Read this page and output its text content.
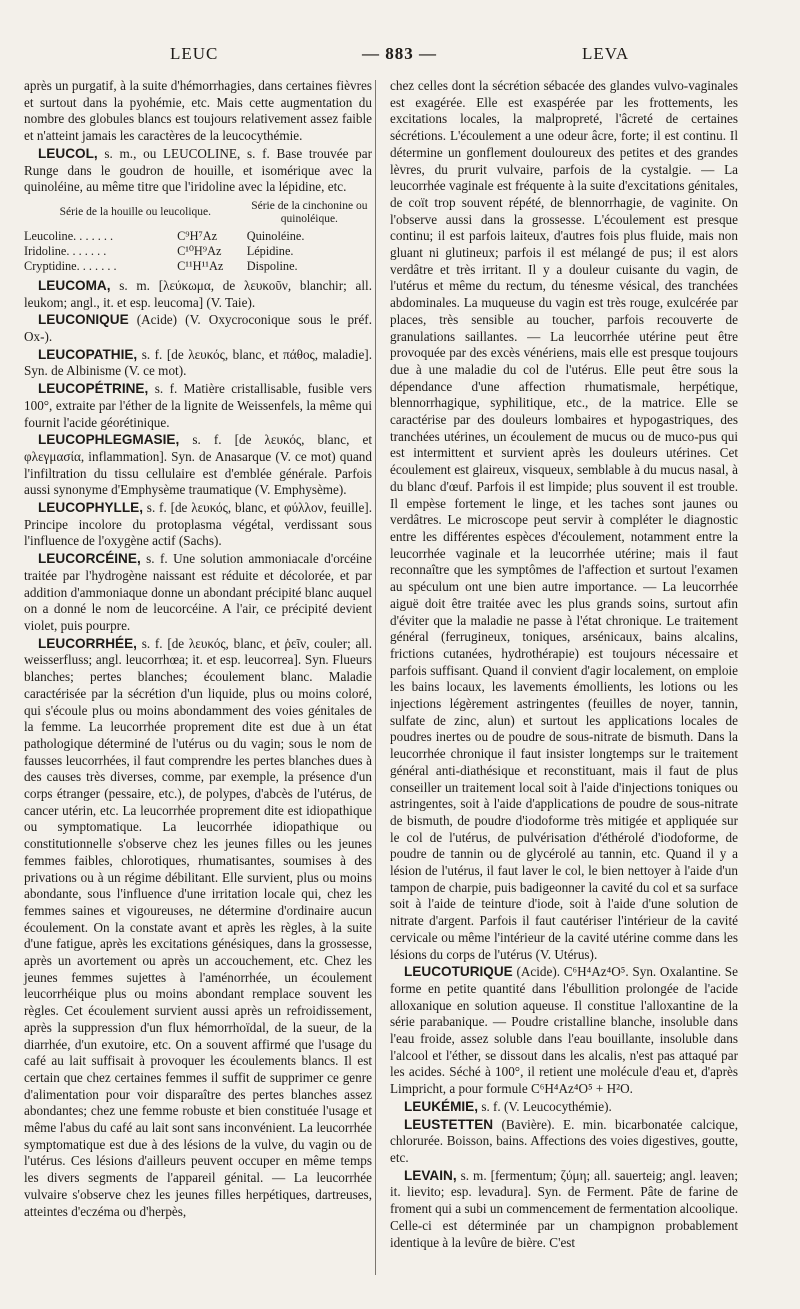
LEUC	— 883 —	LEVA

après un purgatif, à la suite d'hémorrhagies, dans certaines fièvres et surtout dans la pyohémie, etc. Mais cette augmentation du nombre des globules blancs est toujours relativement assez faible et n'atteint jamais les caractères de la leucocythémie.

LEUCOL, s. m., ou LEUCOLINE, s. f. Base trouvée par Runge dans le goudron de houille, et isomérique avec la quinoléine, au même titre que l'iridoline avec la lépidine, etc.

Série de la houille ou leucolique.		Série de la cinchonine ou quinoléique.
Leucoline. . . . . . .	C⁹H⁷Az	Quinoléine.
Iridoline. . . . . . .	C¹⁰H⁹Az	Lépidine.
Cryptidine. . . . . . .	C¹¹H¹¹Az	Dispoline.

LEUCOMA, s. m. [λεύκωμα, de λευκοῦν, blanchir; all. leukom; angl., it. et esp. leucoma] (V. Taie).

LEUCONIQUE (Acide) (V. Oxycroconique sous le préf. Ox-).

LEUCOPATHIE, s. f. [de λευκός, blanc, et πάθος, maladie]. Syn. de Albinisme (V. ce mot).

LEUCOPÉTRINE, s. f. Matière cristallisable, fusible vers 100°, extraite par l'éther de la lignite de Weissenfels, la même qui fournit l'acide géorétinique.

LEUCOPHLEGMASIE, s. f. [de λευκός, blanc, et φλεγμασία, inflammation]. Syn. de Anasarque (V. ce mot) quand l'infiltration du tissu cellulaire est d'emblée générale. Parfois aussi synonyme d'Emphysème traumatique (V. Emphysème).

LEUCOPHYLLE, s. f. [de λευκός, blanc, et φύλλον, feuille]. Principe incolore du protoplasma végétal, verdissant sous l'influence de l'oxygène actif (Sachs).

LEUCORCÉINE, s. f. Une solution ammoniacale d'orcéine traitée par l'hydrogène naissant est réduite et décolorée, et par addition d'ammoniaque donne un abondant précipité blanc auquel on a donné le nom de leucorcéine. A l'air, ce précipité devient violet, puis pourpre.

LEUCORRHÉE, s. f. [de λευκός, blanc, et ῥεῖν, couler; all. weisserfluss; angl. leucorrhœa; it. et esp. leucorrea]. Syn. Flueurs blanches; pertes blanches; écoulement blanc. Maladie caractérisée par la sécrétion d'un liquide, plus ou moins coloré, qui s'écoule plus ou moins abondamment des voies génitales de la femme. La leucorrhée proprement dite est due à un état pathologique déterminé de l'utérus ou du vagin; sous le nom de fausses leucorrhées, il faut comprendre les pertes blanches dues à des causes très diverses, comme, par exemple, la présence d'un corps étranger (pessaire, etc.), de polypes, d'abcès de l'utérus, de cancer utérin, etc. La leucorrhée proprement dite est idiopathique ou symptomatique. La leucorrhée idiopathique ou constitutionnelle s'observe chez les jeunes filles ou les jeunes femmes faibles, chlorotiques, rhumatisantes, soumises à des privations ou à un régime débilitant. Elle survient, plus ou moins abondante, sous l'influence d'une irritation locale qui, chez les femmes saines et vigoureuses, ne détermine d'ordinaire aucun écoulement. On la constate avant et après les règles, à la suite d'une fatigue, après les excitations génésiques, dans la grossesse, après un avortement ou après un accouchement, etc. Chez les jeunes femmes sujettes à l'aménorrhée, un écoulement leucorrhéique plus ou moins abondant remplace souvent les règles. Cet écoulement survient aussi après un refroidissement, après la suppression d'un flux hémorrhoïdal, de la sueur, de la diarrhée, d'un exutoire, etc. On a souvent affirmé que l'usage du café au lait suffisait à provoquer les écoulements blancs. Il est certain que chez certaines femmes il suffit de supprimer ce genre d'alimentation pour voir disparaître des pertes blanches assez abondantes; chez une femme robuste et bien constituée l'usage et même l'abus du café au lait sont sans inconvénient. La leucorrhée symptomatique est due à des lésions de la vulve, du vagin ou de l'utérus. Ces lésions d'ailleurs peuvent occuper en même temps les divers segments de l'appareil génital. — La leucorrhée vulvaire s'observe chez les jeunes filles herpétiques, dartreuses, atteintes d'eczéma ou d'herpès,

chez celles dont la sécrétion sébacée des glandes vulvo-vaginales est exagérée. Elle est exaspérée par les frottements, les excitations locales, la malpropreté, l'âcreté de certaines sécrétions. L'écoulement a une odeur âcre, forte; il est continu. Il détermine un gonflement douloureux des petites et des grandes lèvres, du prurit vulvaire, parfois de la cystalgie. — La leucorrhée vaginale est fréquente à la suite d'excitations génitales, de coït trop souvent répété, de blennorrhagie, de vaginite. On l'observe aussi dans la grossesse. L'écoulement est presque continu; il est parfois laiteux, d'autres fois plus fluide, mais non gluant ni glutineux; parfois il est mélangé de pus; il est alors verdâtre et très irritant. Il y a douleur cuisante du vagin, de l'utérus et même du rectum, du ténesme vésical, des tranchées abdominales. La muqueuse du vagin est très rouge, exulcérée par places, très sensible au toucher, parfois recouverte de granulations saillantes. — La leucorrhée utérine peut être provoquée par des excès vénériens, mais elle est presque toujours due à une maladie du col de l'utérus. Elle peut être sous la dépendance d'une affection rhumatismale, herpétique, blennorrhagique, syphilitique, etc., de la matrice. Elle se caractérise par des douleurs lombaires et hypogastriques, des tranchées utérines, un écoulement de mucus ou de muco-pus qui est intermittent et survient après les douleurs utérines. Cet écoulement est glaireux, visqueux, semblable à du mucus nasal, à du blanc d'œuf. Parfois il est limpide; plus souvent il est trouble. Il empèse fortement le linge, et les taches sont jaunes ou verdâtres. Le microscope peut servir à compléter le diagnostic entre les différentes espèces d'écoulement, notamment entre la leucorrhée vaginale et la leucorrhée utérine; mais il faut reconnaître que les symptômes de l'affection et surtout l'examen au spéculum ont une bien autre importance. — La leucorrhée aiguë doit être traitée avec les plus grands soins, surtout afin d'éviter que la maladie ne passe à l'état chronique. Le traitement général (ferrugineux, toniques, arsénicaux, bains alcalins, frictions cutanées, hydrothérapie) est toujours nécessaire et parfois suffisant. Quand il convient d'agir localement, on emploie les bains locaux, les lavements émollients, les lotions ou les injections légèrement astringentes (feuilles de noyer, tannin, sulfate de zinc, alun) et surtout les applications locales de poudres inertes ou de poudre de sous-nitrate de bismuth. Dans la leucorrhée chronique il faut insister longtemps sur le traitement général anti-diathésique et reconstituant, mais il faut de plus conseiller un traitement local soit à l'aide d'injections toniques ou astringentes, soit à l'aide d'applications de poudre de sous-nitrate de bismuth, de poudre d'iodoforme très mitigée et appliquée sur le col de l'utérus, de pulvérisation d'éthérolé d'iodoforme, de poudre de tannin ou de glycérolé au tannin, etc. Quand il y a lésion de l'utérus, il faut laver le col, le bien nettoyer à l'aide d'un tampon de charpie, puis badigeonner la cavité du col et sa surface soit à l'aide de teinture d'iode, soit à l'aide d'une solution de nitrate d'argent. Parfois il faut cautériser l'intérieur de la cavité cervicale ou même l'intérieur de la cavité utérine comme dans les lésions du corps de l'utérus (V. Utérus).

LEUCOTURIQUE (Acide). C⁶H⁴Az⁴O⁵. Syn. Oxalantine. Se forme en petite quantité dans l'ébullition prolongée de l'acide alloxanique en solution aqueuse. Il constitue l'alloxantine de la série parabanique. — Poudre cristalline blanche, insoluble dans l'eau froide, assez soluble dans l'eau bouillante, insoluble dans l'alcool et l'éther, se dissout dans les alcalis, n'est pas attaqué par les acides. Séché à 100°, il retient une molécule d'eau et, d'après Limpricht, a pour formule C⁶H⁴Az⁴O⁵ + H²O.

LEUKÉMIE, s. f. (V. Leucocythémie).

LEUSTETTEN (Bavière). E. min. bicarbonatée calcique, chlorurée. Boisson, bains. Affections des voies digestives, goutte, etc.

LEVAIN, s. m. [fermentum; ζύμη; all. sauerteig; angl. leaven; it. lievito; esp. levadura]. Syn. de Ferment. Pâte de farine de froment qui a subi un commencement de fermentation alcoolique. Celle-ci est déterminée par un champignon probablement identique à la levûre de bière. C'est
